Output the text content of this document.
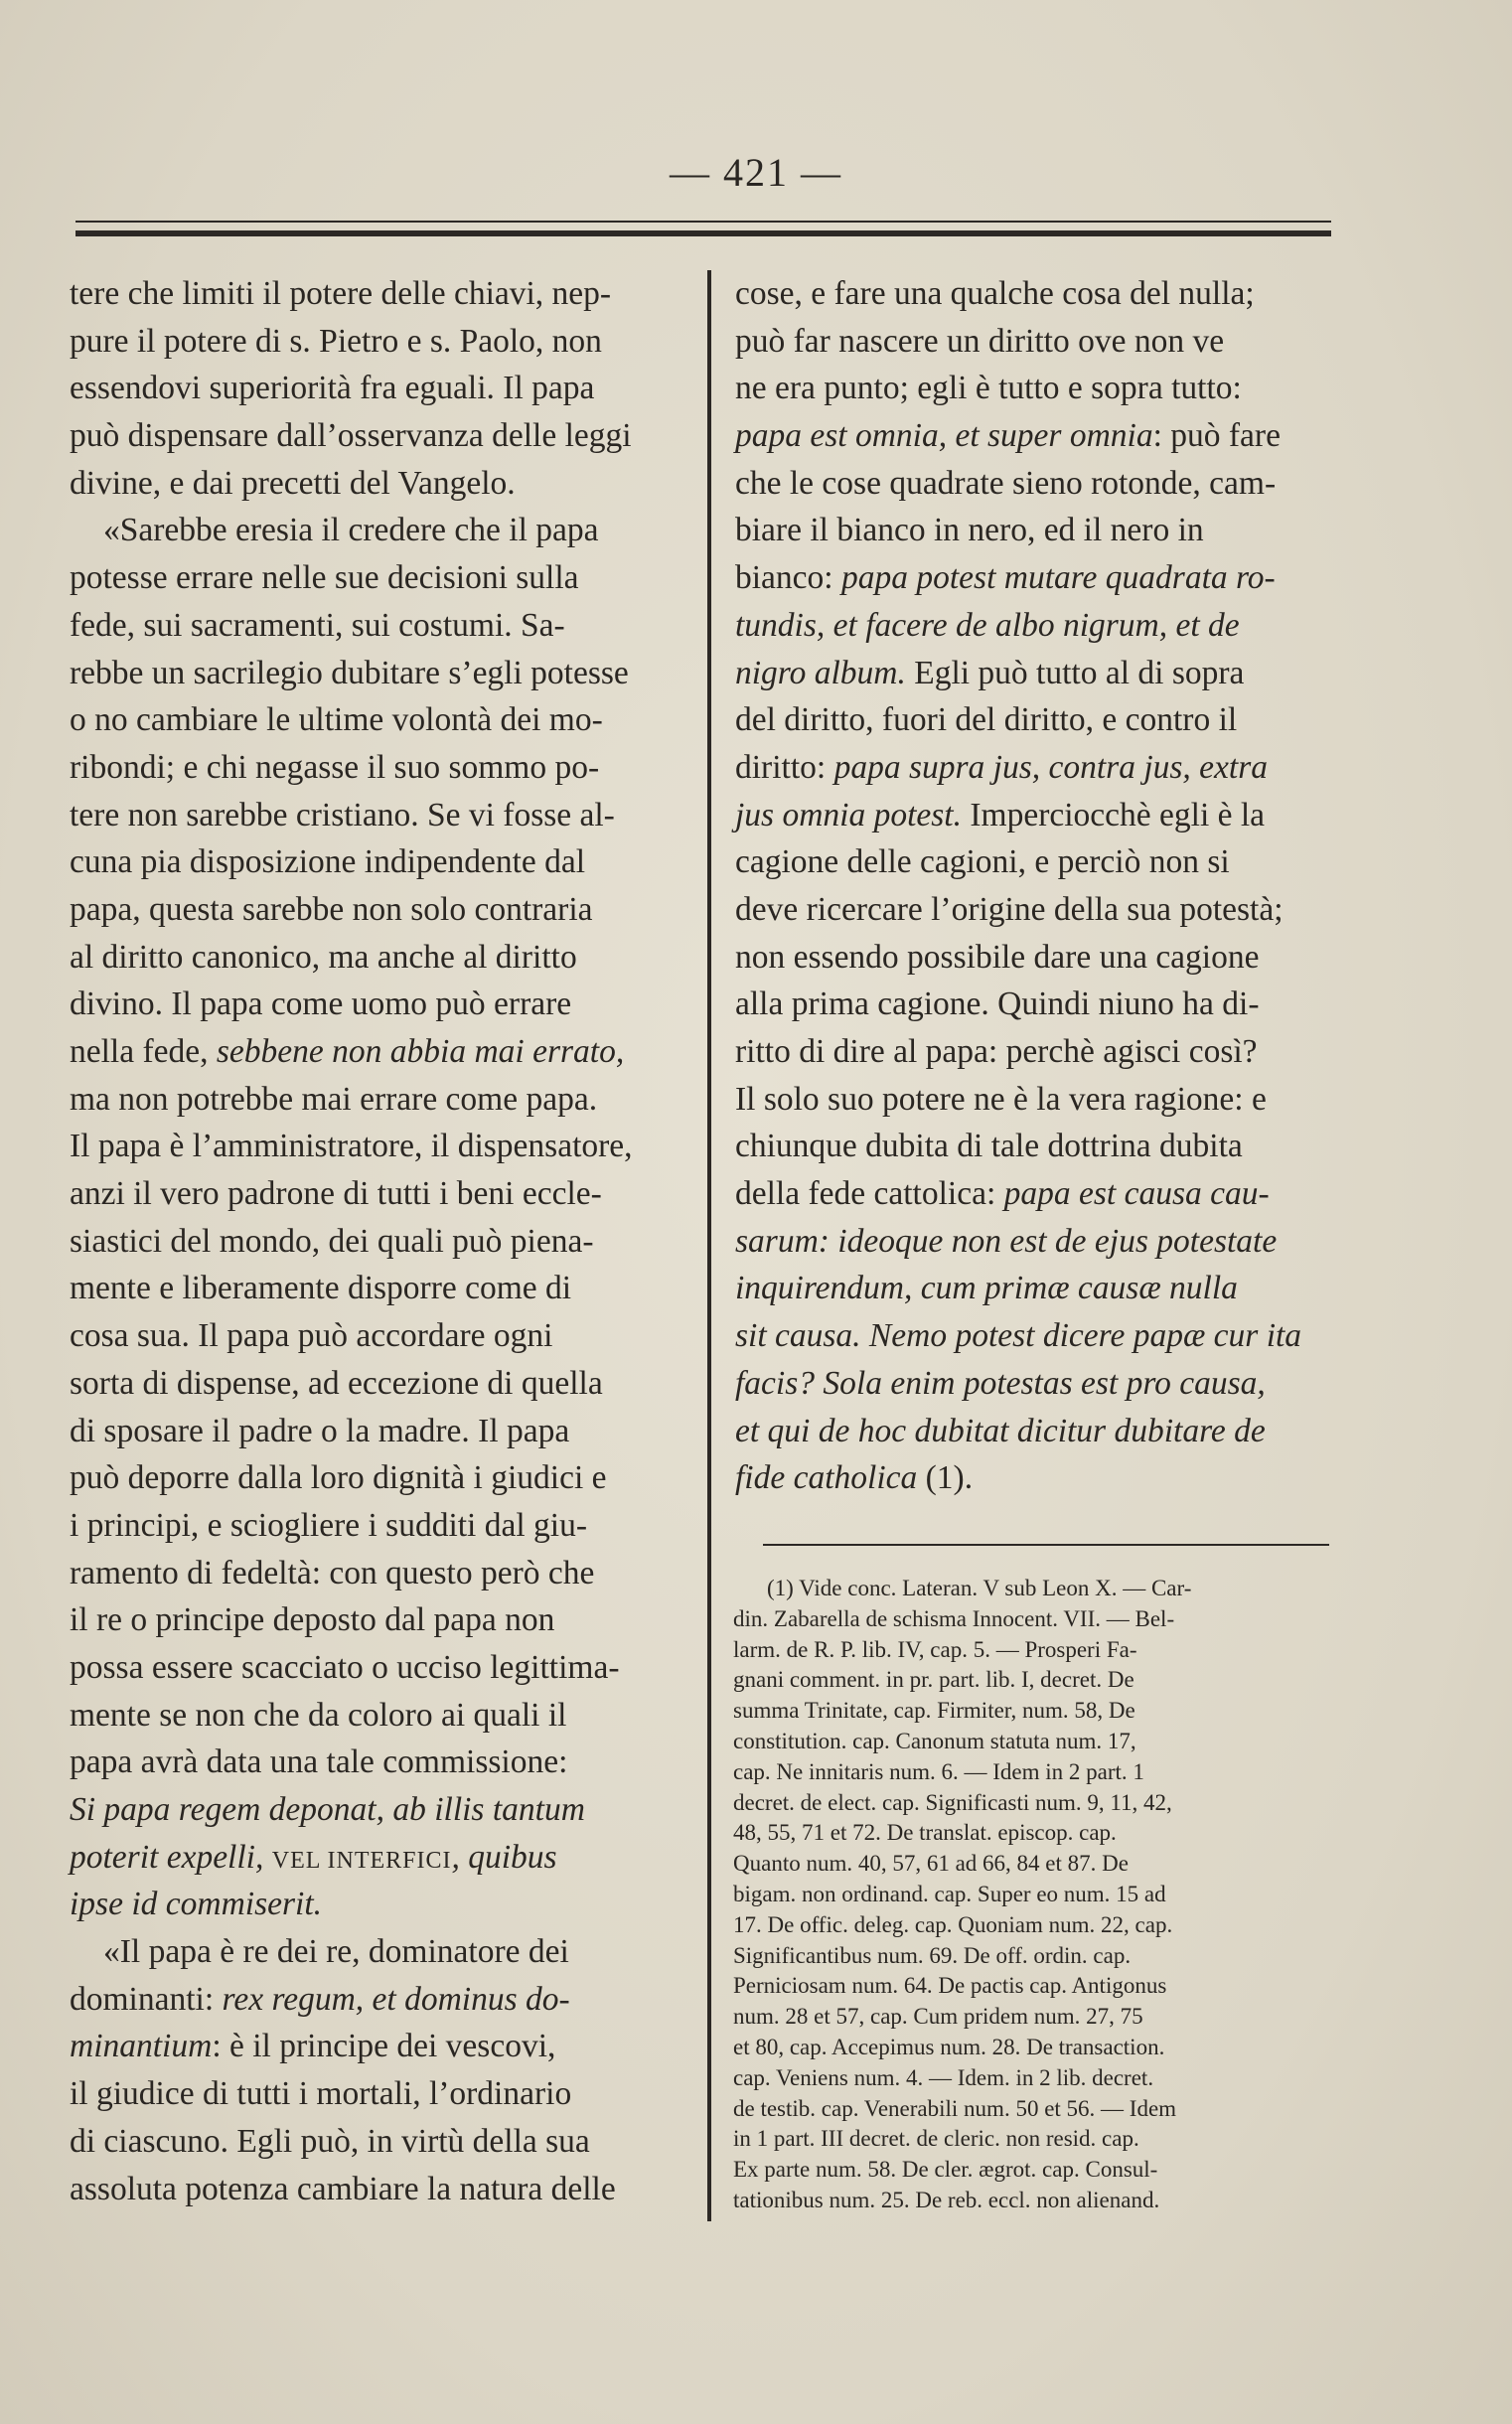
— 421 —
tere che limiti il potere delle chiavi, nep-
pure il potere di s. Pietro e s. Paolo, non
essendovi superiorità fra eguali. Il papa
può dispensare dall’osservanza delle leggi
divine, e dai precetti del Vangelo.
«Sarebbe eresia il credere che il papa
potesse errare nelle sue decisioni sulla
fede, sui sacramenti, sui costumi. Sa-
rebbe un sacrilegio dubitare s’egli potesse
o no cambiare le ultime volontà dei mo-
ribondi; e chi negasse il suo sommo po-
tere non sarebbe cristiano. Se vi fosse al-
cuna pia disposizione indipendente dal
papa, questa sarebbe non solo contraria
al diritto canonico, ma anche al diritto
divino. Il papa come uomo può errare
nella fede, sebbene non abbia mai errato,
ma non potrebbe mai errare come papa.
Il papa è l’amministratore, il dispensatore,
anzi il vero padrone di tutti i beni eccle-
siastici del mondo, dei quali può piena-
mente e liberamente disporre come di
cosa sua. Il papa può accordare ogni
sorta di dispense, ad eccezione di quella
di sposare il padre o la madre. Il papa
può deporre dalla loro dignità i giudici e
i principi, e sciogliere i sudditi dal giu-
ramento di fedeltà: con questo però che
il re o principe deposto dal papa non
possa essere scacciato o ucciso legittima-
mente se non che da coloro ai quali il
papa avrà data una tale commissione:
Si papa regem deponat, ab illis tantum
poterit expelli, VEL INTERFICI, quibus
ipse id commiserit.
«Il papa è re dei re, dominatore dei
dominanti: rex regum, et dominus do-
minantium: è il principe dei vescovi,
il giudice di tutti i mortali, l’ordinario
di ciascuno. Egli può, in virtù della sua
assoluta potenza cambiare la natura delle
cose, e fare una qualche cosa del nulla;
può far nascere un diritto ove non ve
ne era punto; egli è tutto e sopra tutto:
papa est omnia, et super omnia: può fare
che le cose quadrate sieno rotonde, cam-
biare il bianco in nero, ed il nero in
bianco: papa potest mutare quadrata ro-
tundis, et facere de albo nigrum, et de
nigro album. Egli può tutto al di sopra
del diritto, fuori del diritto, e contro il
diritto: papa supra jus, contra jus, extra
jus omnia potest. Imperciocchè egli è la
cagione delle cagioni, e perciò non si
deve ricercare l’origine della sua potestà;
non essendo possibile dare una cagione
alla prima cagione. Quindi niuno ha di-
ritto di dire al papa: perchè agisci così?
Il solo suo potere ne è la vera ragione: e
chiunque dubita di tale dottrina dubita
della fede cattolica: papa est causa cau-
sarum: ideoque non est de ejus potestate
inquirendum, cum primæ causæ nulla
sit causa. Nemo potest dicere papæ cur ita
facis? Sola enim potestas est pro causa,
et qui de hoc dubitat dicitur dubitare de
fide catholica (1).
(1) Vide conc. Lateran. V sub Leon X. — Car-
din. Zabarella de schisma Innocent. VII. — Bel-
larm. de R. P. lib. IV, cap. 5. — Prosperi Fa-
gnani comment. in pr. part. lib. I, decret. De
summa Trinitate, cap. Firmiter, num. 58, De
constitution. cap. Canonum statuta num. 17,
cap. Ne innitaris num. 6. — Idem in 2 part. 1
decret. de elect. cap. Significasti num. 9, 11, 42,
48, 55, 71 et 72. De translat. episcop. cap.
Quanto num. 40, 57, 61 ad 66, 84 et 87. De
bigam. non ordinand. cap. Super eo num. 15 ad
17. De offic. deleg. cap. Quoniam num. 22, cap.
Significantibus num. 69. De off. ordin. cap.
Perniciosam num. 64. De pactis cap. Antigonus
num. 28 et 57, cap. Cum pridem num. 27, 75
et 80, cap. Accepimus num. 28. De transaction.
cap. Veniens num. 4. — Idem. in 2 lib. decret.
de testib. cap. Venerabili num. 50 et 56. — Idem
in 1 part. III decret. de cleric. non resid. cap.
Ex parte num. 58. De cler. ægrot. cap. Consul-
tationibus num. 25. De reb. eccl. non alienand.
